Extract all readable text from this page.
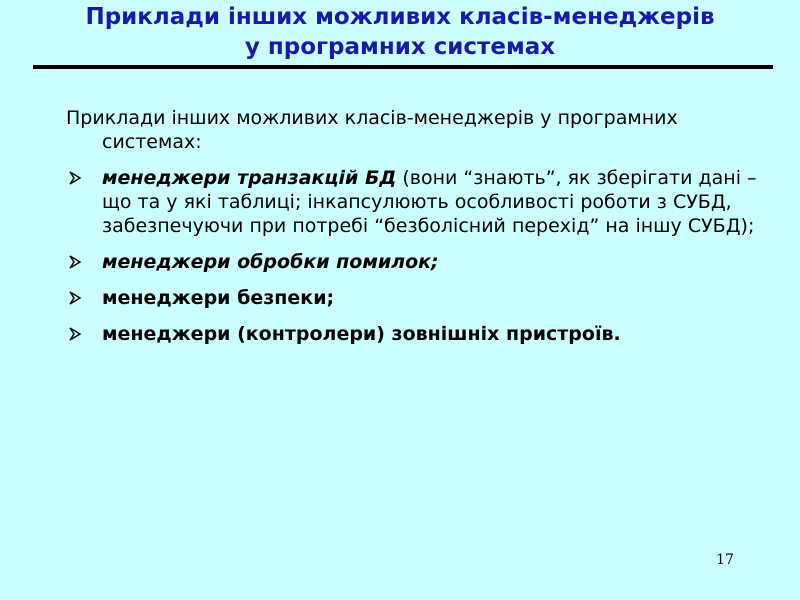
Приклади інших можливих класів-менеджерів
у програмних системах

Приклади інших можливих класів-менеджерів у програмних системах:

менеджери транзакцій БД (вони “знають”, як зберігати дані – що та у які таблиці; інкапсулюють особливості роботи з СУБД, забезпечуючи при потребі “безболісний перехід” на іншу СУБД);
менеджери обробки помилок;
менеджери безпеки;
менеджери (контролери) зовнішніх пристроїв.
17
